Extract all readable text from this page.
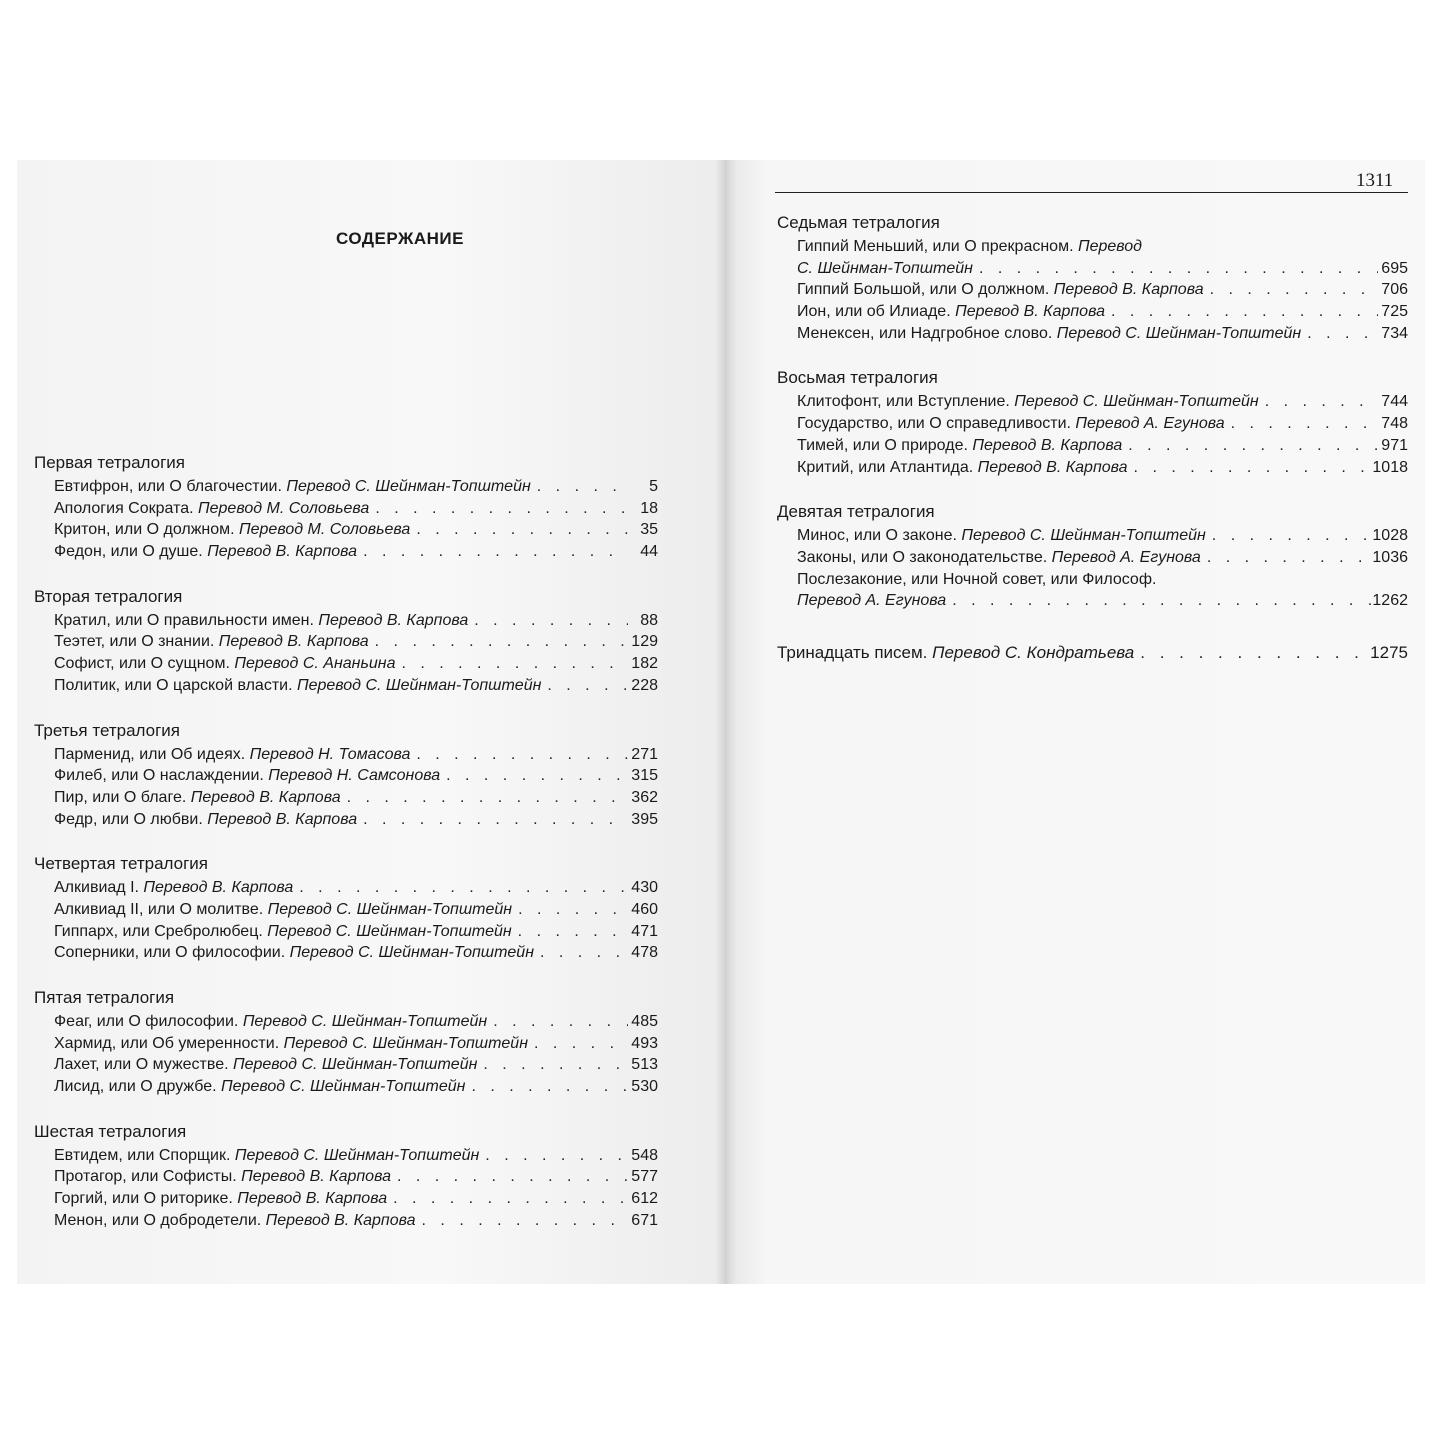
1311
СОДЕРЖАНИЕ
Первая тетралогия
Евтифрон, или О благочестии. Перевод С. Шейнман-Топштейн . . .	5
Апология Сократа. Перевод М. Соловьева . . .	18
Критон, или О должном. Перевод М. Соловьева . . .	35
Федон, или О душе. Перевод В. Карпова . . .	44
Вторая тетралогия
Кратил, или О правильности имен. Перевод В. Карпова . . .	88
Теэтет, или О знании. Перевод В. Карпова . . .	129
Софист, или О сущном. Перевод С. Ананьина . . .	182
Политик, или О царской власти. Перевод С. Шейнман-Топштейн . . .	228
Третья тетралогия
Парменид, или Об идеях. Перевод Н. Томасова . . .	271
Филеб, или О наслаждении. Перевод Н. Самсонова . . .	315
Пир, или О благе. Перевод В. Карпова . . .	362
Федр, или О любви. Перевод В. Карпова . . .	395
Четвертая тетралогия
Алкивиад I. Перевод В. Карпова . . .	430
Алкивиад II, или О молитве. Перевод С. Шейнман-Топштейн . . .	460
Гиппарх, или Сребролюбец. Перевод С. Шейнман-Топштейн . . .	471
Соперники, или О философии. Перевод С. Шейнман-Топштейн . . .	478
Пятая тетралогия
Феаг, или О философии. Перевод С. Шейнман-Топштейн . . .	485
Хармид, или Об умеренности. Перевод С. Шейнман-Топштейн . . .	493
Лахет, или О мужестве. Перевод С. Шейнман-Топштейн . . .	513
Лисид, или О дружбе. Перевод С. Шейнман-Топштейн . . .	530
Шестая тетралогия
Евтидем, или Спорщик. Перевод С. Шейнман-Топштейн . . .	548
Протагор, или Софисты. Перевод В. Карпова . . .	577
Горгий, или О риторике. Перевод В. Карпова . . .	612
Менон, или О добродетели. Перевод В. Карпова . . .	671
Седьмая тетралогия
Гиппий Меньший, или О прекрасном. Перевод
С. Шейнман-Топштейн . . .	695
Гиппий Большой, или О должном. Перевод В. Карпова . . .	706
Ион, или об Илиаде. Перевод В. Карпова . . .	725
Менексен, или Надгробное слово. Перевод С. Шейнман-Топштейн . . .	734
Восьмая тетралогия
Клитофонт, или Вступление. Перевод С. Шейнман-Топштейн . . .	744
Государство, или О справедливости. Перевод А. Егунова . . .	748
Тимей, или О природе. Перевод В. Карпова . . .	971
Критий, или Атлантида. Перевод В. Карпова . . .	1018
Девятая тетралогия
Минос, или О законе. Перевод С. Шейнман-Топштейн . . .	1028
Законы, или О законодательстве. Перевод А. Егунова . . .	1036
Послезаконие, или Ночной совет, или Философ.
Перевод А. Егунова . . .	1262
Тринадцать писем. Перевод С. Кондратьева . . .	1275
